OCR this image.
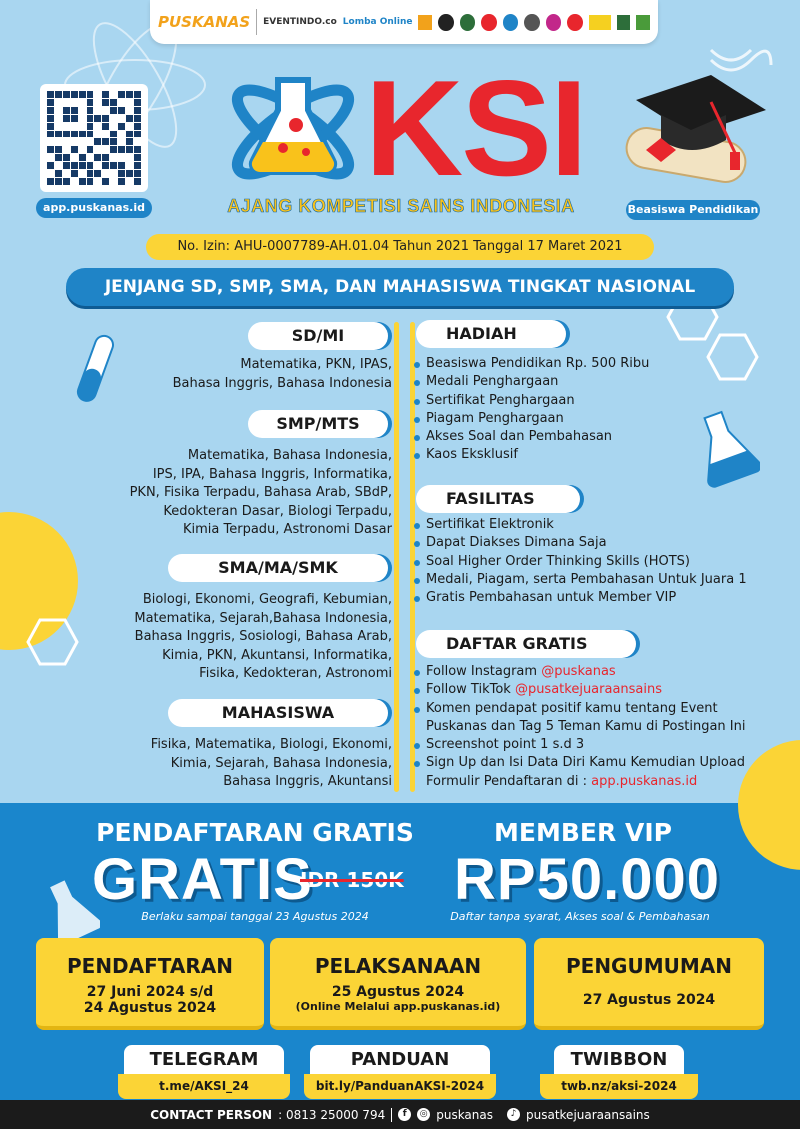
PUSKANAS EVENTINDO.co Lomba Online
app.puskanas.id
KSI
AJANG KOMPETISI SAINS INDONESIA	Beasiswa Pendidikan
No. Izin: AHU-0007789-AH.01.04 Tahun 2021 Tanggal 17 Maret 2021
JENJANG SD, SMP, SMA, DAN MAHASISWA TINGKAT NASIONAL
SD/MI
Matematika, PKN, IPAS,
Bahasa Inggris, Bahasa Indonesia
SMP/MTS
Matematika, Bahasa Indonesia,
IPS, IPA, Bahasa Inggris, Informatika,
PKN, Fisika Terpadu, Bahasa Arab, SBdP,
Kedokteran Dasar, Biologi Terpadu,
Kimia Terpadu, Astronomi Dasar
SMA/MA/SMK
Biologi, Ekonomi, Geografi, Kebumian,
Matematika, Sejarah,Bahasa Indonesia,
Bahasa Inggris, Sosiologi, Bahasa Arab,
Kimia, PKN, Akuntansi, Informatika,
Fisika, Kedokteran, Astronomi
MAHASISWA
Fisika, Matematika, Biologi, Ekonomi,
Kimia, Sejarah, Bahasa Indonesia,
Bahasa Inggris, Akuntansi
HADIAH
Beasiswa Pendidikan Rp. 500 Ribu
Medali Penghargaan
Sertifikat Penghargaan
Piagam Penghargaan
Akses Soal dan Pembahasan
Kaos Eksklusif
FASILITAS
Sertifikat Elektronik
Dapat Diakses Dimana Saja
Soal Higher Order Thinking Skills (HOTS)
Medali, Piagam, serta Pembahasan Untuk Juara 1
Gratis Pembahasan untuk Member VIP
DAFTAR GRATIS
Follow Instagram @puskanas
Follow TikTok @pusatkejuaraansains
Komen pendapat positif kamu tentang Event
Puskanas dan Tag 5 Teman Kamu di Postingan Ini
Screenshot point 1 s.d 3
Sign Up dan Isi Data Diri Kamu Kemudian Upload
Formulir Pendaftaran di : app.puskanas.id
PENDAFTARAN GRATIS
GRATIS
IDR 150K
Berlaku sampai tanggal 23 Agustus 2024
MEMBER VIP
RP50.000
Daftar tanpa syarat, Akses soal & Pembahasan
PENDAFTARAN
27 Juni 2024 s/d
24 Agustus 2024
PELAKSANAAN
25 Agustus 2024
(Online Melalui app.puskanas.id)
PENGUMUMAN
27 Agustus 2024
TELEGRAM
t.me/AKSI_24
PANDUAN
bit.ly/PanduanAKSI-2024
TWIBBON
twb.nz/aksi-2024
CONTACT PERSON : 0813 25000 794	f	◎ puskanas	♪ pusatkejuaraansains
